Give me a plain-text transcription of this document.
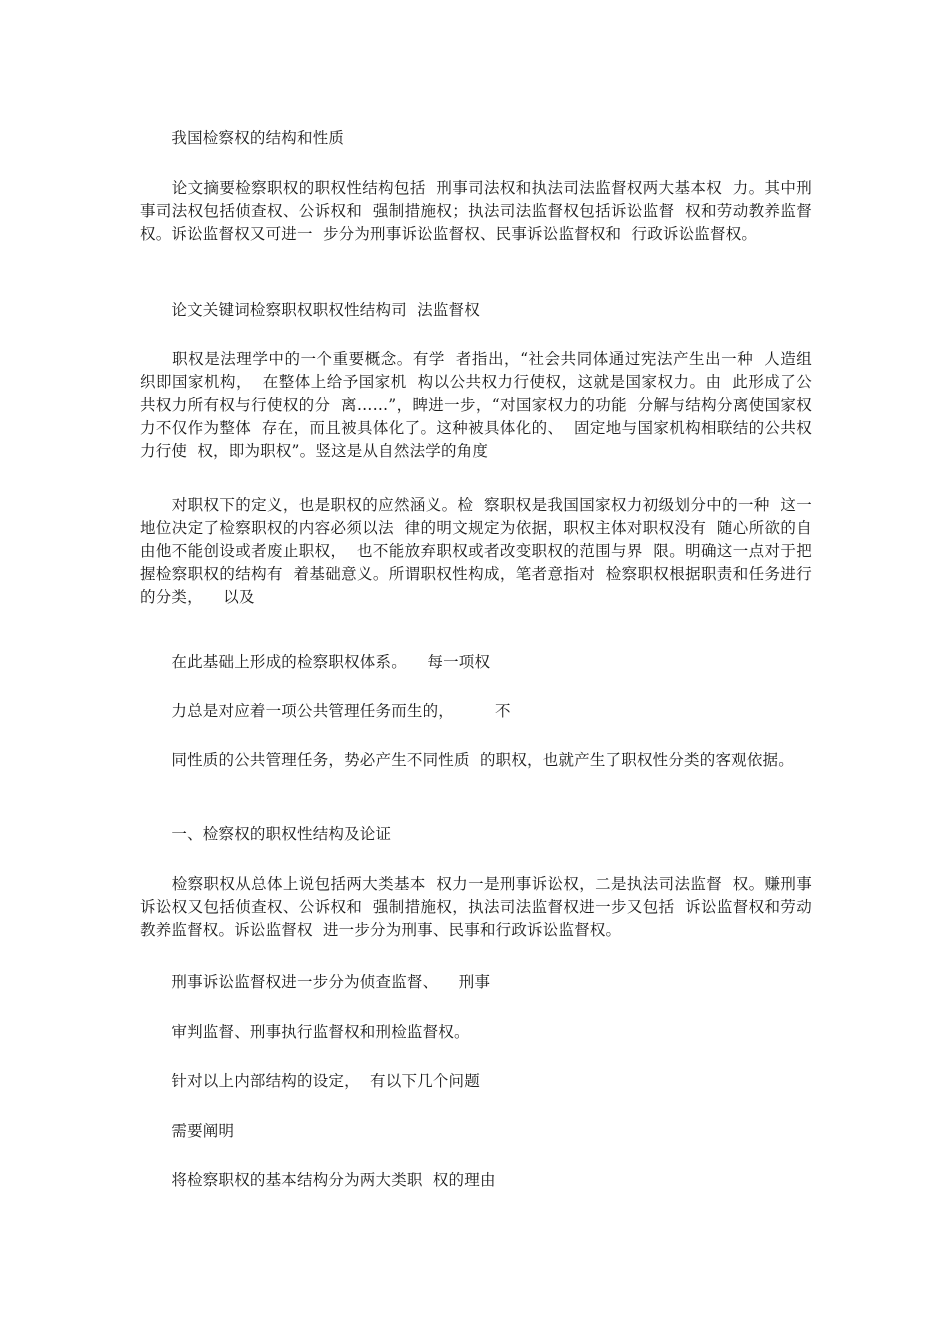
　　我国检察权的结构和性质
　　论文摘要检察职权的职权性结构包括  刑事司法权和执法司法监督权两大基本权  力。其中刑事司法权包括侦查权、公诉权和  强制措施权；执法司法监督权包括诉讼监督  权和劳动教养监督权。诉讼监督权又可进一  步分为刑事诉讼监督权、民事诉讼监督权和  行政诉讼监督权。
　　论文关键词检察职权职权性结构司  法监督权
　　职权是法理学中的一个重要概念。有学  者指出，“社会共同体通过宪法产生出一种  人造组织即国家机构，  在整体上给予国家机  构以公共权力行使权，这就是国家权力。由  此形成了公共权力所有权与行使权的分  离……”，睥进一步，“对国家权力的功能  分解与结构分离使国家权力不仅作为整体  存在，而且被具体化了。这种被具体化的、  固定地与国家机构相联结的公共权力行使  权，即为职权”。竖这是从自然法学的角度
　　对职权下的定义，也是职权的应然涵义。检  察职权是我国国家权力初级划分中的一种  这一地位决定了检察职权的内容必须以法  律的明文规定为依据，职权主体对职权没有  随心所欲的自由他不能创设或者废止职权，  也不能放弃职权或者改变职权的范围与界  限。明确这一点对于把握检察职权的结构有  着基础意义。所谓职权性构成，笔者意指对  检察职权根据职责和任务进行的分类，    以及
　　在此基础上形成的检察职权体系。    每一项权
　　力总是对应着一项公共管理任务而生的，        不
　　同性质的公共管理任务，势必产生不同性质  的职权，也就产生了职权性分类的客观依据。
　　一、检察权的职权性结构及论证
　　检察职权从总体上说包括两大类基本  权力一是刑事诉讼权，二是执法司法监督  权。赚刑事诉讼权又包括侦查权、公诉权和  强制措施权，执法司法监督权进一步又包括  诉讼监督权和劳动教养监督权。诉讼监督权  进一步分为刑事、民事和行政诉讼监督权。
　　刑事诉讼监督权进一步分为侦查监督、    刑事
　　审判监督、刑事执行监督权和刑检监督权。
　　针对以上内部结构的设定，  有以下几个问题
　　需要阐明
　　将检察职权的基本结构分为两大类职  权的理由
